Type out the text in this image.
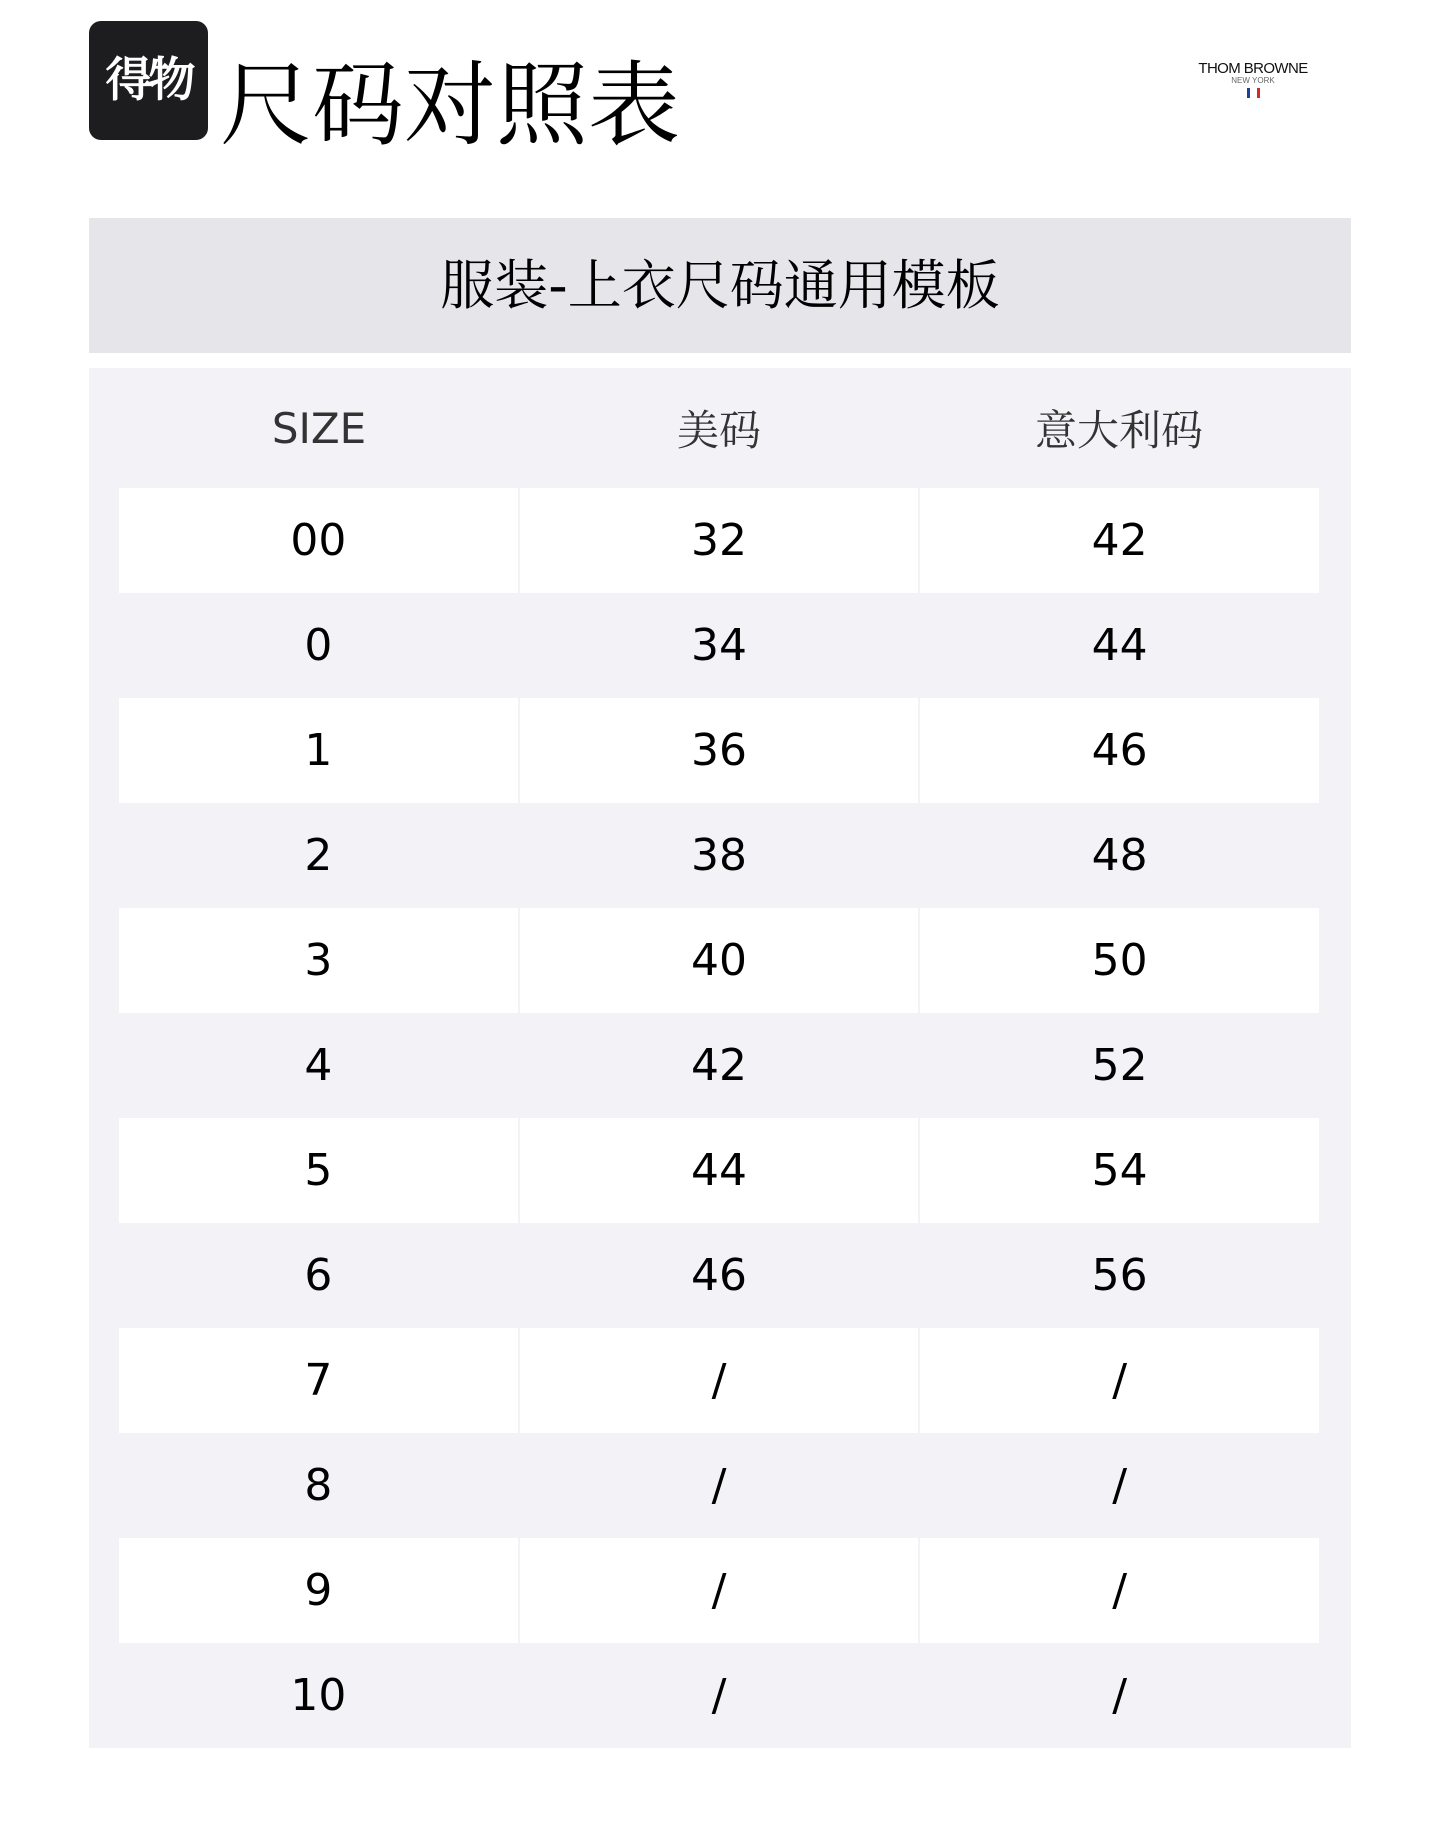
得物 尺码对照表	THOM BROWNE
NEW YORK
服装-上衣尺码通用模板
SIZE	美码	意大利码
00	32	42
0	34	44
1	36	46
2	38	48
3	40	50
4	42	52
5	44	54
6	46	56
7	/	/
8	/	/
9	/	/
10	/	/
